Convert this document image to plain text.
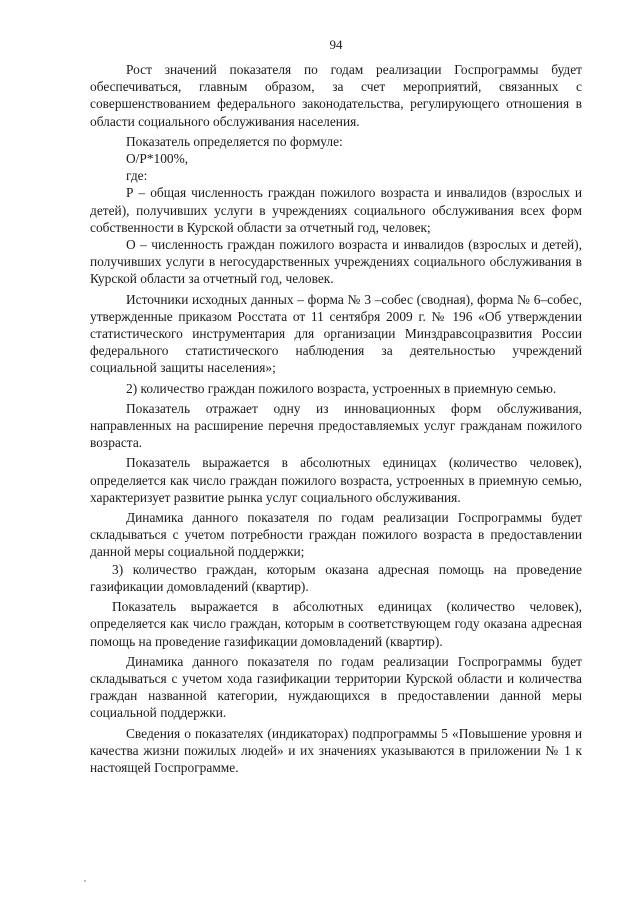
94

Рост значений показателя по годам реализации Госпрограммы будет обеспечиваться, главным образом, за счет мероприятий, связанных с совершенствованием федерального законодательства, регулирующего отношения в области социального обслуживания населения.

Показатель определяется по формуле:

О/Р*100%,

где:

Р – общая численность граждан пожилого возраста и инвалидов (взрослых и детей), получивших услуги в учреждениях социального обслуживания всех форм собственности в Курской области за отчетный год, человек;

О – численность граждан пожилого возраста и инвалидов (взрослых и детей), получивших услуги в негосударственных учреждениях социального обслуживания в Курской области за отчетный год, человек.

Источники исходных данных – форма № 3 –собес (сводная), форма № 6–собес, утвержденные приказом Росстата от 11 сентября 2009 г. № 196 «Об утверждении статистического инструментария для организации Минздравсоцразвития России федерального статистического наблюдения за деятельностью учреждений социальной защиты населения»;

2) количество граждан пожилого возраста, устроенных в приемную семью.

Показатель отражает одну из инновационных форм обслуживания, направленных на расширение перечня предоставляемых услуг гражданам пожилого возраста.

Показатель выражается в абсолютных единицах (количество человек), определяется как число граждан пожилого возраста, устроенных в приемную семью, характеризует развитие рынка услуг социального обслуживания.

Динамика данного показателя по годам реализации Госпрограммы будет складываться с учетом потребности граждан пожилого возраста в предоставлении данной меры социальной поддержки;

3) количество граждан, которым оказана адресная помощь на проведение газификации домовладений (квартир).

Показатель выражается в абсолютных единицах (количество человек), определяется как число граждан, которым в соответствующем году оказана адресная помощь на проведение газификации домовладений (квартир).

Динамика данного показателя по годам реализации Госпрограммы будет складываться с учетом хода газификации территории Курской области и количества граждан названной категории, нуждающихся в предоставлении данной меры социальной поддержки.

Сведения о показателях (индикаторах) подпрограммы 5 «Повышение уровня и качества жизни пожилых людей» и их значениях указываются в приложении № 1 к настоящей Госпрограмме.
